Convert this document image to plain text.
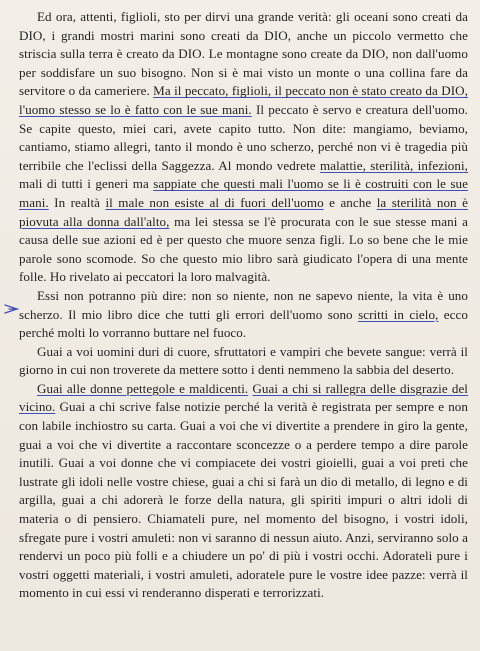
Ed ora, attenti, figlioli, sto per dirvi una grande verità: gli oceani sono creati da DIO, i grandi mostri marini sono creati da DIO, anche un piccolo vermetto che striscia sulla terra è creato da DIO. Le montagne sono create da DIO, non dall'uomo per soddisfare un suo bisogno. Non si è mai visto un monte o una collina fare da servitore o da cameriere. Ma il peccato, figlioli, il peccato non è stato creato da DIO, l'uomo stesso se lo è fatto con le sue mani. Il peccato è servo e creatura dell'uomo. Se capite questo, miei cari, avete capito tutto. Non dite: mangiamo, beviamo, cantiamo, stiamo allegri, tanto il mondo è uno scherzo, perché non vi è tragedia più terribile che l'eclissi della Saggezza. Al mondo vedrete malattie, sterilità, infezioni, mali di tutti i generi ma sappiate che questi mali l'uomo se li è costruiti con le sue mani. In realtà il male non esiste al di fuori dell'uomo e anche la sterilità non è piovuta alla donna dall'alto, ma lei stessa se l'è procurata con le sue stesse mani a causa delle sue azioni ed è per questo che muore senza figli. Lo so bene che le mie parole sono scomode. So che questo mio libro sarà giudicato l'opera di una mente folle. Ho rivelato ai peccatori la loro malvagità.

Essi non potranno più dire: non so niente, non ne sapevo niente, la vita è uno scherzo. Il mio libro dice che tutti gli errori dell'uomo sono scritti in cielo, ecco perché molti lo vorranno buttare nel fuoco.

Guai a voi uomini duri di cuore, sfruttatori e vampiri che bevete sangue: verrà il giorno in cui non troverete da mettere sotto i denti nemmeno la sabbia del deserto.

Guai alle donne pettegole e maldicenti. Guai a chi si rallegra delle disgrazie del vicino. Guai a chi scrive false notizie perché la verità è registrata per sempre e non con labile inchiostro su carta. Guai a voi che vi divertite a prendere in giro la gente, guai a voi che vi divertite a raccontare sconcezze o a perdere tempo a dire parole inutili. Guai a voi donne che vi compiacete dei vostri gioielli, guai a voi preti che lustrate gli idoli nelle vostre chiese, guai a chi si farà un dio di metallo, di legno e di argilla, guai a chi adorerà le forze della natura, gli spiriti impuri o altri idoli di materia o di pensiero. Chiamateli pure, nel momento del bisogno, i vostri idoli, sfregate pure i vostri amuleti: non vi saranno di nessun aiuto. Anzi, serviranno solo a rendervi un poco più folli e a chiudere un po' di più i vostri occhi. Adorateli pure i vostri oggetti materiali, i vostri amuleti, adoratele pure le vostre idee pazze: verrà il momento in cui essi vi renderanno disperati e terrorizzati.
